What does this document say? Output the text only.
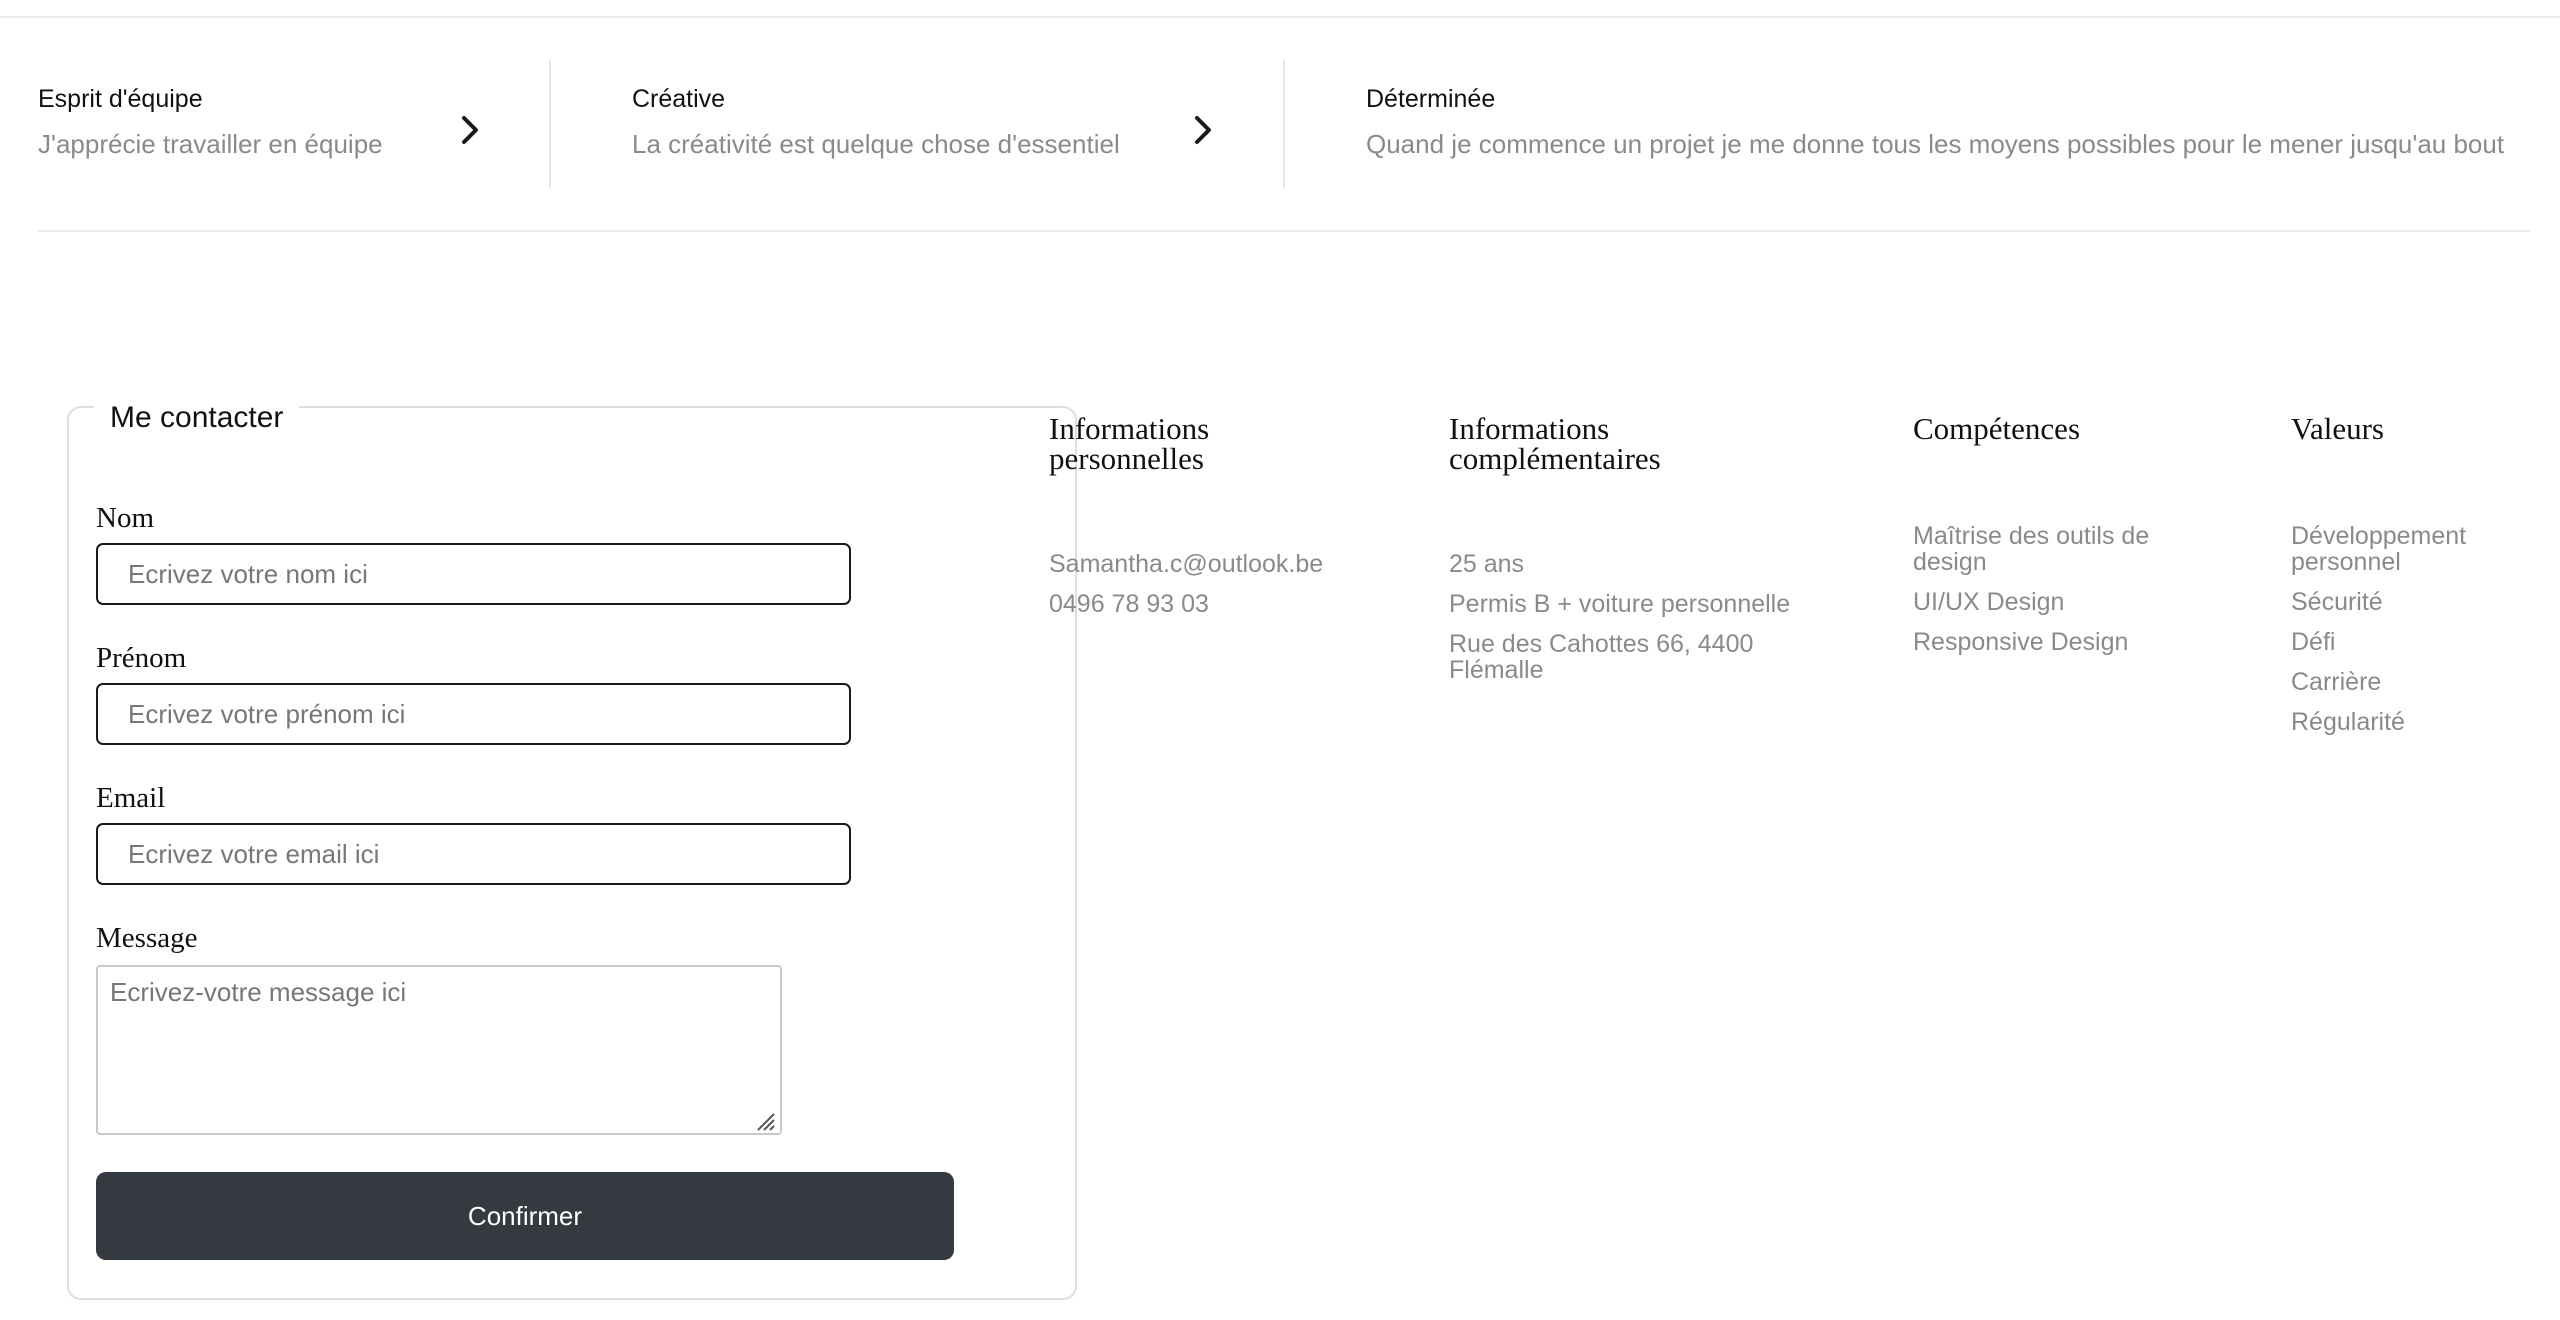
Esprit d'équipe
J'apprécie travailler en équipe
Créative
La créativité est quelque chose d'essentiel
Déterminée
Quand je commence un projet je me donne tous les moyens possibles pour le mener jusqu'au bout
Me contacter
Nom
Ecrivez votre nom ici
Prénom
Ecrivez votre prénom ici
Email
Ecrivez votre email ici
Message
Ecrivez-votre message ici
Confirmer
Informations
personnelles
Samantha.c@outlook.be
0496 78 93 03
Informations
complémentaires
25 ans
Permis B + voiture personnelle
Rue des Cahottes 66, 4400 Flémalle
Compétences
Maîtrise des outils de design
UI/UX Design
Responsive Design
Valeurs
Développement personnel
Sécurité
Défi
Carrière
Régularité
